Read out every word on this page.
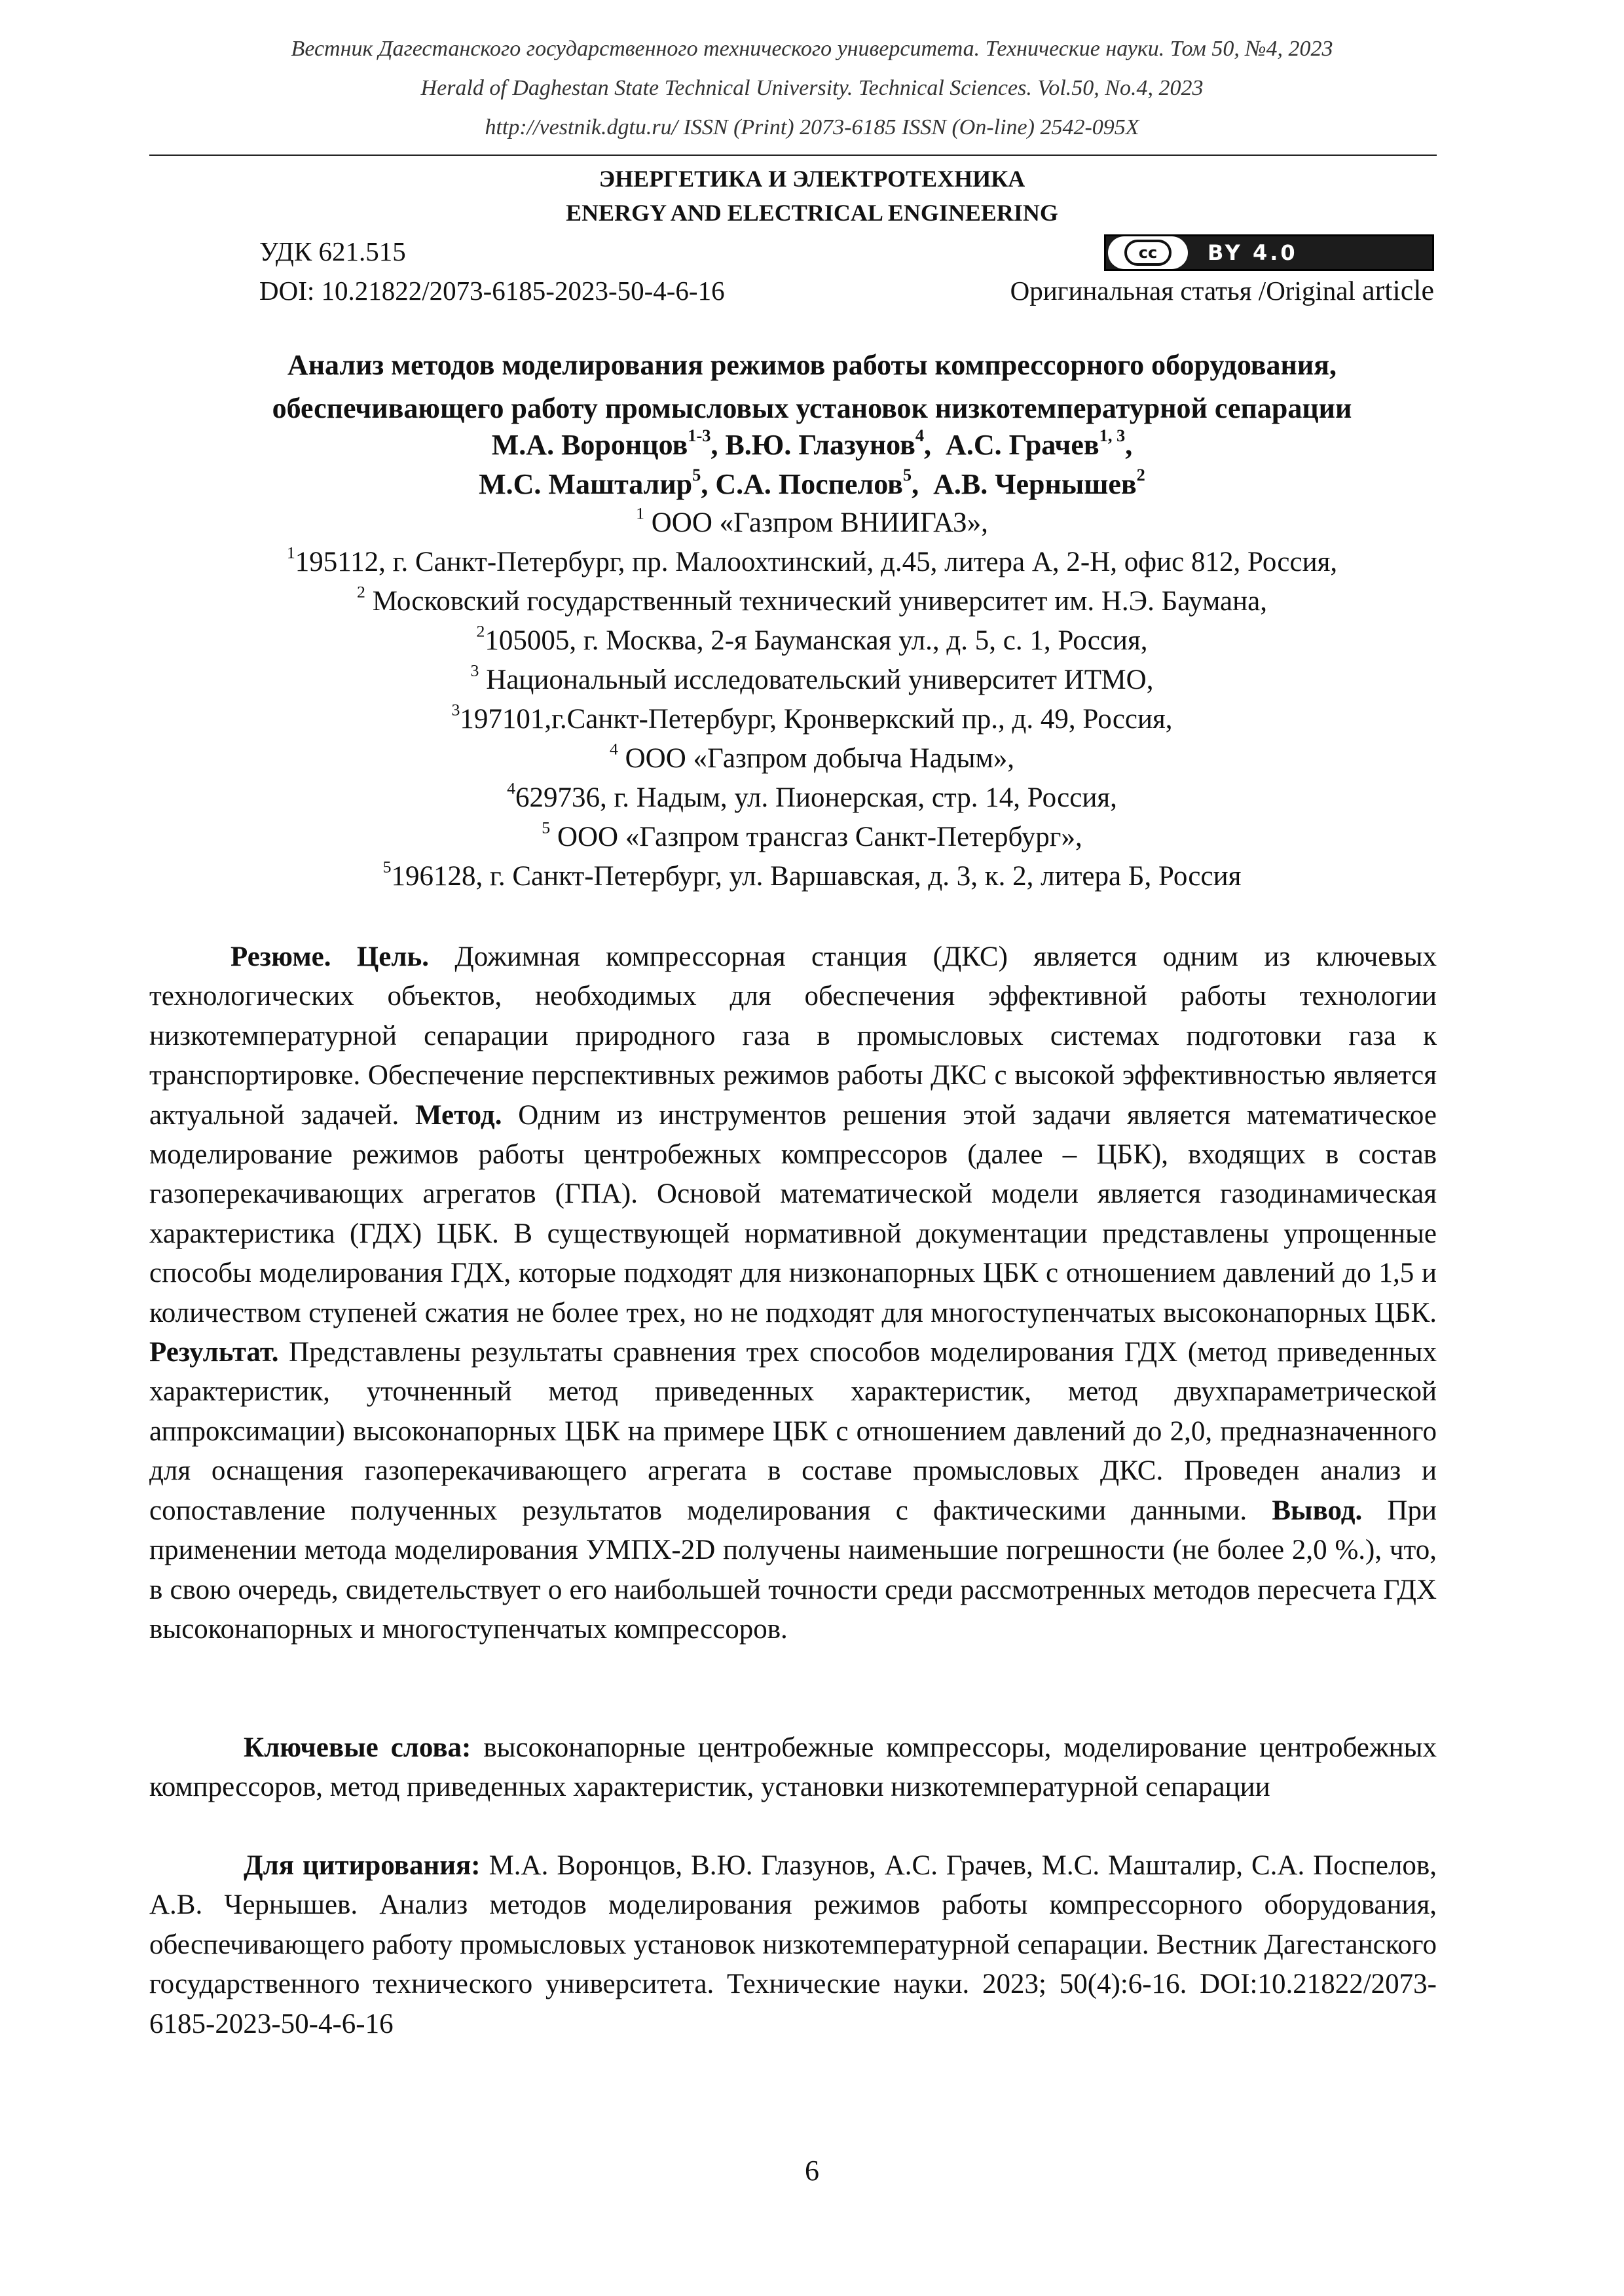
Вестник Дагестанского государственного технического университета. Технические науки. Том 50, №4, 2023
Herald of Daghestan State Technical University. Technical Sciences. Vol.50, No.4, 2023
http://vestnik.dgtu.ru/ ISSN (Print) 2073-6185 ISSN (On-line) 2542-095X
ЭНЕРГЕТИКА И ЭЛЕКТРОТЕХНИКА
ENERGY AND ELECTRICAL ENGINEERING
УДК 621.515
DOI: 10.21822/2073-6185-2023-50-4-6-16
cc	BY 4.0
Оригинальная статья /Original article
Анализ методов моделирования режимов работы компрессорного оборудования,
обеспечивающего работу промысловых установок низкотемпературной сепарации
М.А. Воронцов$^{1-3}$, В.Ю. Глазунов$^4$,  А.С. Грачев$^{1, 3}$,
М.С. Машталир$^5$, С.А. Поспелов$^5$,  А.В. Чернышев$^2$
$^1$ ООО «Газпром ВНИИГАЗ»,
$^1$195112, г. Санкт-Петербург, пр. Малоохтинский, д.45, литера А, 2-Н, офис 812, Россия,
$^2$ Московский государственный технический университет им. Н.Э. Баумана,
$^2$105005, г. Москва, 2-я Бауманская ул., д. 5, с. 1, Россия,
$^3$ Национальный исследовательский университет ИТМО,
$^3$197101,г.Санкт-Петербург, Кронверкский пр., д. 49, Россия,
$^4$ ООО «Газпром добыча Надым»,
$^4$629736, г. Надым, ул. Пионерская, стр. 14, Россия,
$^5$ ООО «Газпром трансгаз Санкт-Петербург»,
$^5$196128, г. Санкт-Петербург, ул. Варшавская, д. 3, к. 2, литера Б, Россия

Резюме. Цель. Дожимная компрессорная станция (ДКС) является одним из ключевых технологических объектов, необходимых для обеспечения эффективной работы технологии низкотемпературной сепарации природного газа в промысловых системах подготовки газа к транспортировке. Обеспечение перспективных режимов работы ДКС с высокой эффективностью является актуальной задачей. Метод. Одним из инструментов решения этой задачи является математическое моделирование режимов работы центробежных компрессоров (далее – ЦБК), входящих в состав газоперекачивающих агрегатов (ГПА). Основой математической модели является газодинамическая характеристика (ГДХ) ЦБК. В существующей нормативной документации представлены упрощенные способы моделирования ГДХ, которые подходят для низконапорных ЦБК с отношением давлений до 1,5 и количеством ступеней сжатия не более трех, но не подходят для многоступенчатых высоконапорных ЦБК. Результат. Представлены результаты сравнения трех способов моделирования ГДХ (метод приведенных характеристик, уточненный метод приведенных характеристик, метод двухпараметрической аппроксимации) высоконапорных ЦБК на примере ЦБК с отношением давлений до 2,0, предназначенного для оснащения газоперекачивающего агрегата в составе промысловых ДКС. Проведен анализ и сопоставление полученных результатов моделирования с фактическими данными. Вывод. При применении метода моделирования УМПХ-2D получены наименьшие погрешности (не более 2,0 %.), что, в свою очередь, свидетельствует о его наибольшей точности среди рассмотренных методов пересчета ГДХ высоконапорных и многоступенчатых компрессоров.

Ключевые слова: высоконапорные центробежные компрессоры, моделирование центробежных компрессоров, метод приведенных характеристик, установки низкотемпературной сепарации

Для цитирования: М.А. Воронцов, В.Ю. Глазунов, А.С. Грачев, М.С. Машталир, С.А. Поспелов, А.В. Чернышев. Анализ методов моделирования режимов работы компрессорного оборудования, обеспечивающего работу промысловых установок низкотемпературной сепарации. Вестник Дагестанского государственного технического университета. Технические науки. 2023; 50(4):6-16. DOI:10.21822/2073-6185-2023-50-4-6-16

6
